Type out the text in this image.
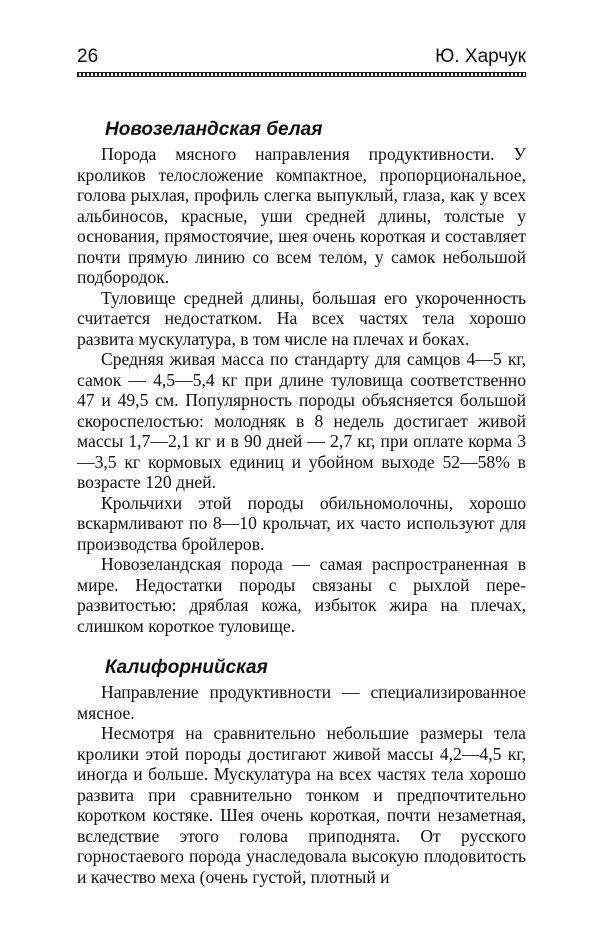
26	Ю. Харчук
Новозеландская белая

Порода мясного направления продуктивности. У кроликов телосложение компактное, пропорциональное, голова рыхлая, профиль слегка выпуклый, глаза, как у всех альбиносов, красные, уши средней длины, толстые у основания, прямостоячие, шея очень короткая и составляет почти прямую линию со всем телом, у самок небольшой подбородок.

Туловище средней длины, большая его укороченность считается недостатком. На всех частях тела хорошо развита мускулатура, в том числе на плечах и боках.

Средняя живая масса по стандарту для самцов 4—5 кг, самок — 4,5—5,4 кг при длине туловища соответственно 47 и 49,5 см. Популярность породы объясняется большой скороспелостью: молодняк в 8 недель достигает живой массы 1,7—2,1 кг и в 90 дней — 2,7 кг, при оплате корма 3—3,5 кг кормовых единиц и убойном выходе 52—58% в возрасте 120 дней.

Крольчихи этой породы обильномолочны, хорошо вскармливают по 8—10 крольчат, их часто используют для производства бройлеров.

Новозеландская порода — самая распространенная в мире. Недостатки породы связаны с рыхлой переразвитостью: дряблая кожа, избыток жира на плечах, слишком короткое туловище.

Калифорнийская

Направление продуктивности — специализированное мясное.

Несмотря на сравнительно небольшие размеры тела кролики этой породы достигают живой массы 4,2—4,5 кг, иногда и больше. Мускулатура на всех частях тела хорошо развита при сравнительно тонком и предпочтительно коротком костяке. Шея очень короткая, почти незаметная, вследствие этого голова приподнята. От русского горностаевого порода унаследовала высокую плодовитость и качество меха (очень густой, плотный и
